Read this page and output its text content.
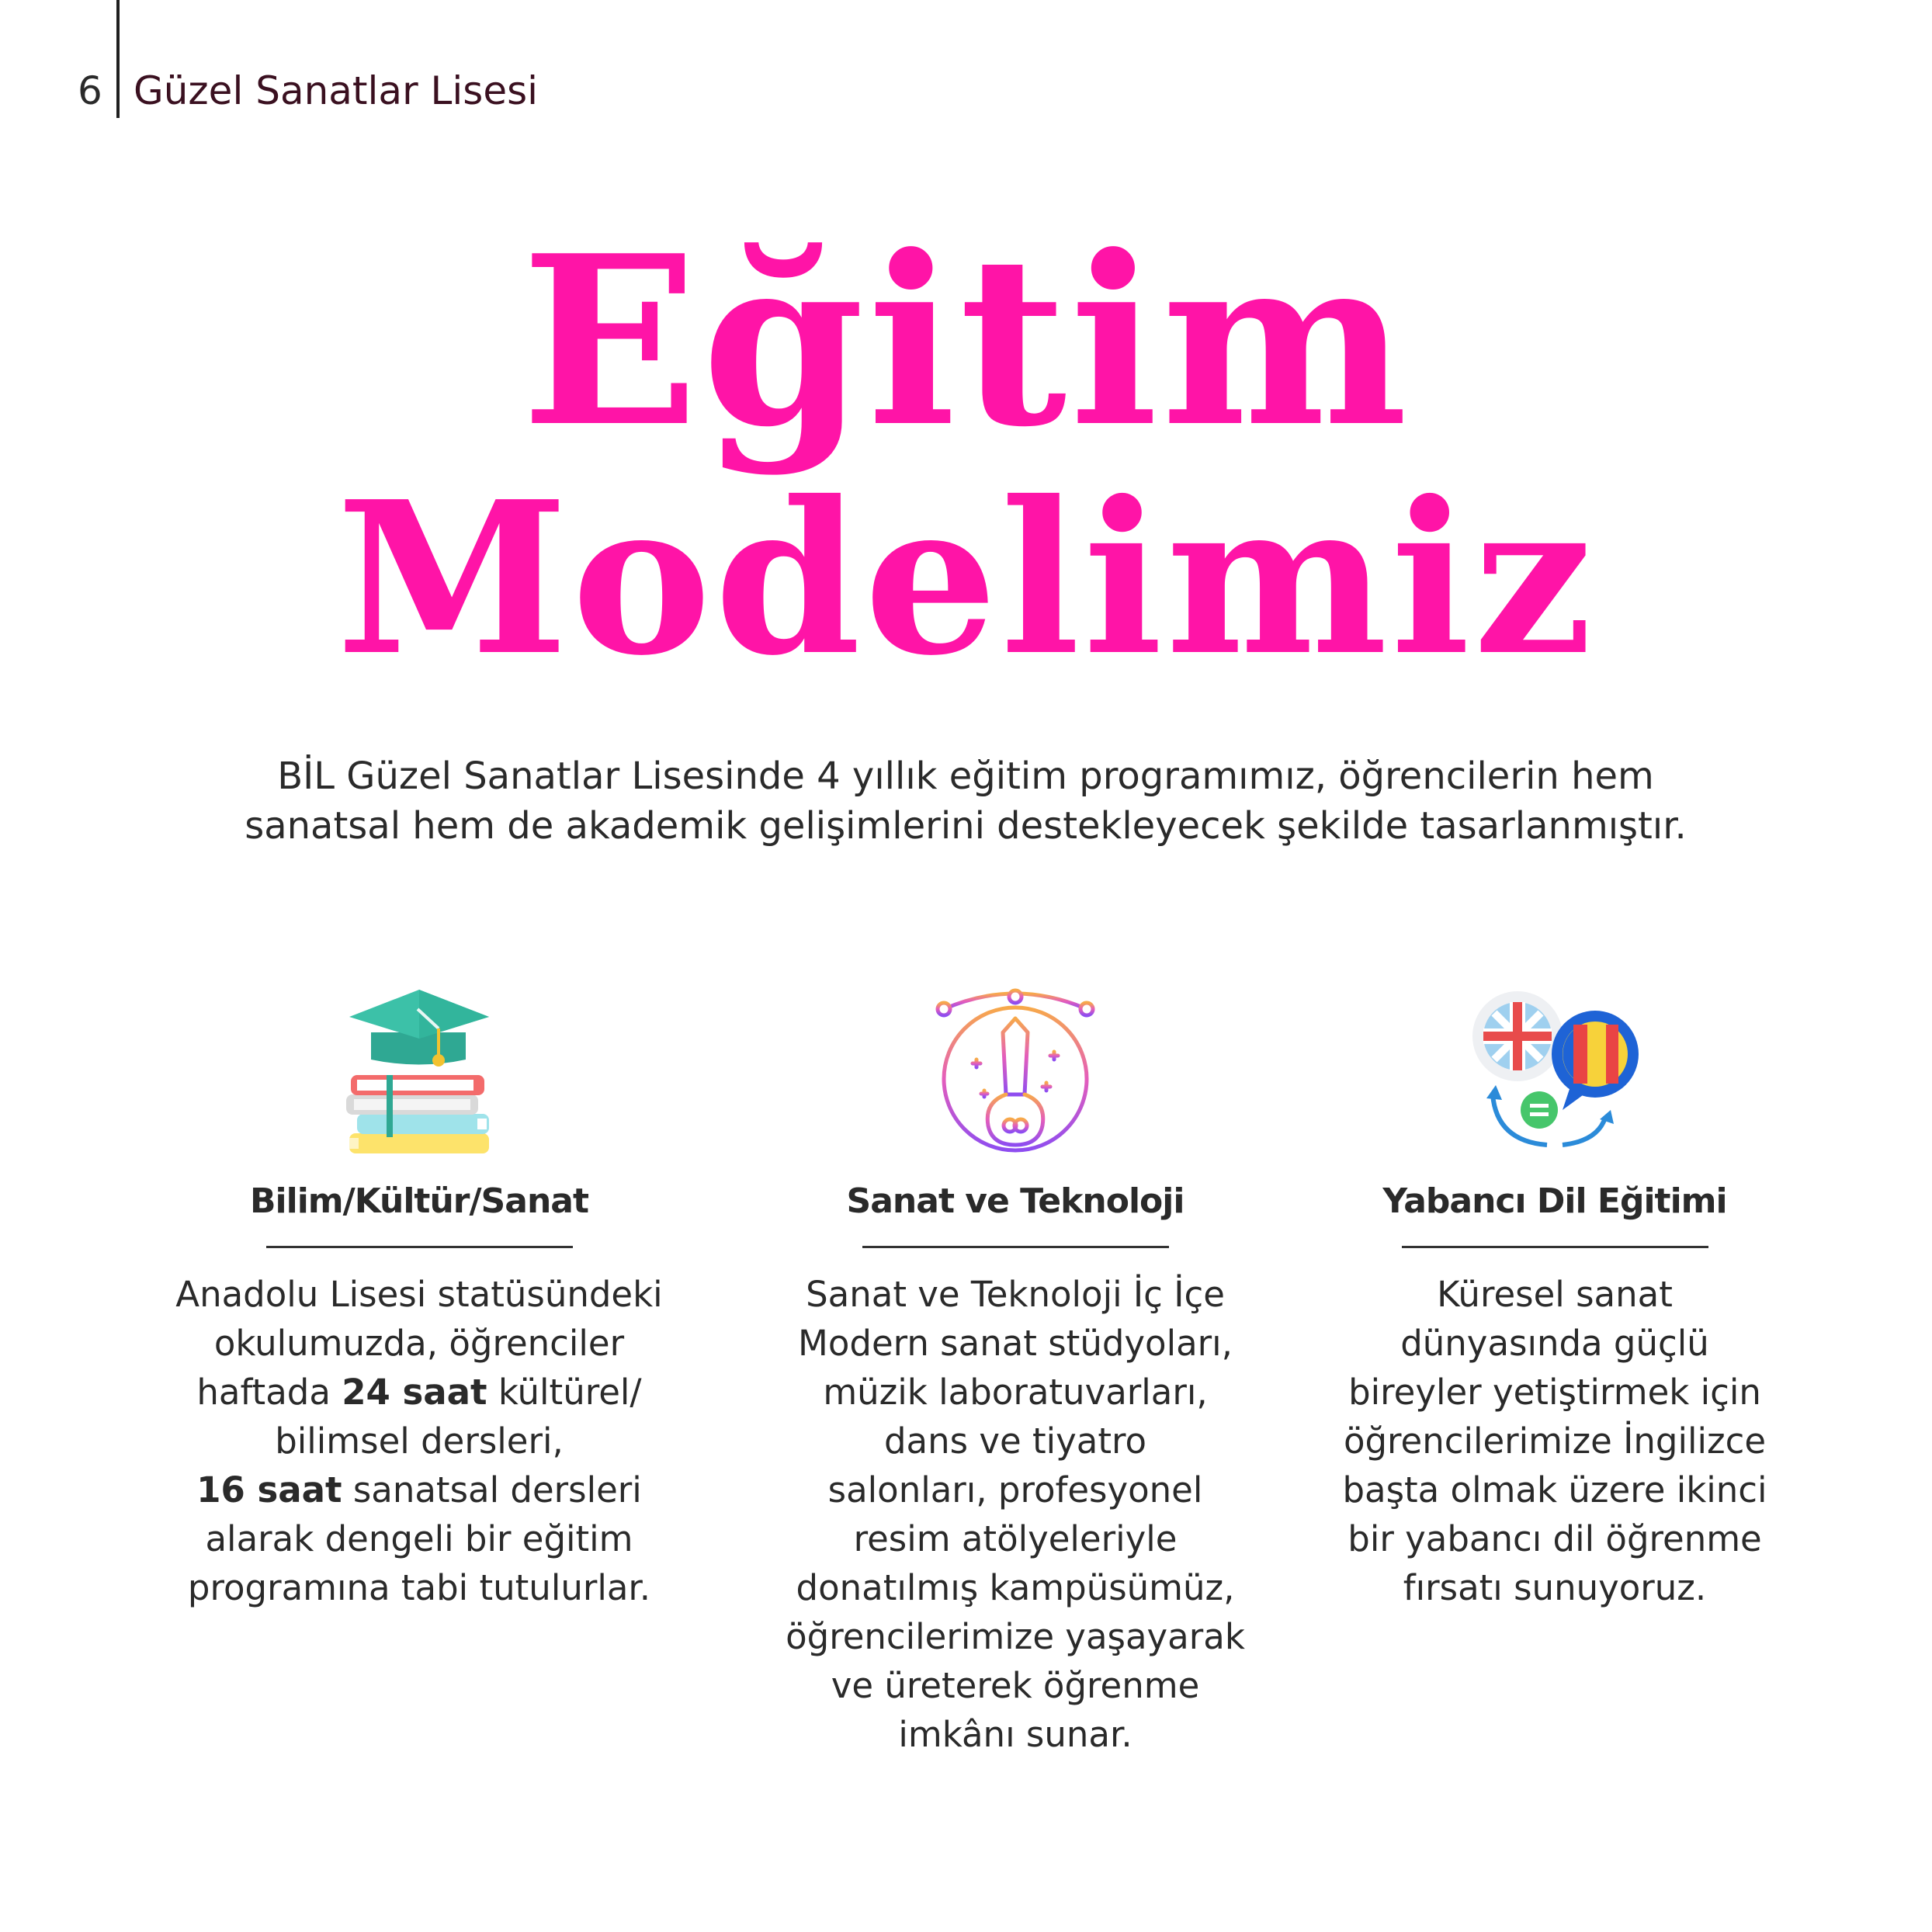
6 Güzel Sanatlar Lisesi
Eğitim
Modelimiz

BİL Güzel Sanatlar Lisesinde 4 yıllık eğitim programımız, öğrencilerin hem
sanatsal hem de akademik gelişimlerini destekleyecek şekilde tasarlanmıştır.

Bilim/Kültür/Sanat
Anadolu Lisesi statüsündeki
okulumuzda, öğrenciler
haftada 24 saat kültürel/
bilimsel dersleri,
16 saat sanatsal dersleri
alarak dengeli bir eğitim
programına tabi tutulurlar.
Sanat ve Teknoloji
Sanat ve Teknoloji İç İçe
Modern sanat stüdyoları,
müzik laboratuvarları,
dans ve tiyatro
salonları, profesyonel
resim atölyeleriyle
donatılmış kampüsümüz,
öğrencilerimize yaşayarak
ve üreterek öğrenme
imkânı sunar.
Yabancı Dil Eğitimi
Küresel sanat
dünyasında güçlü
bireyler yetiştirmek için
öğrencilerimize İngilizce
başta olmak üzere ikinci
bir yabancı dil öğrenme
fırsatı sunuyoruz.
